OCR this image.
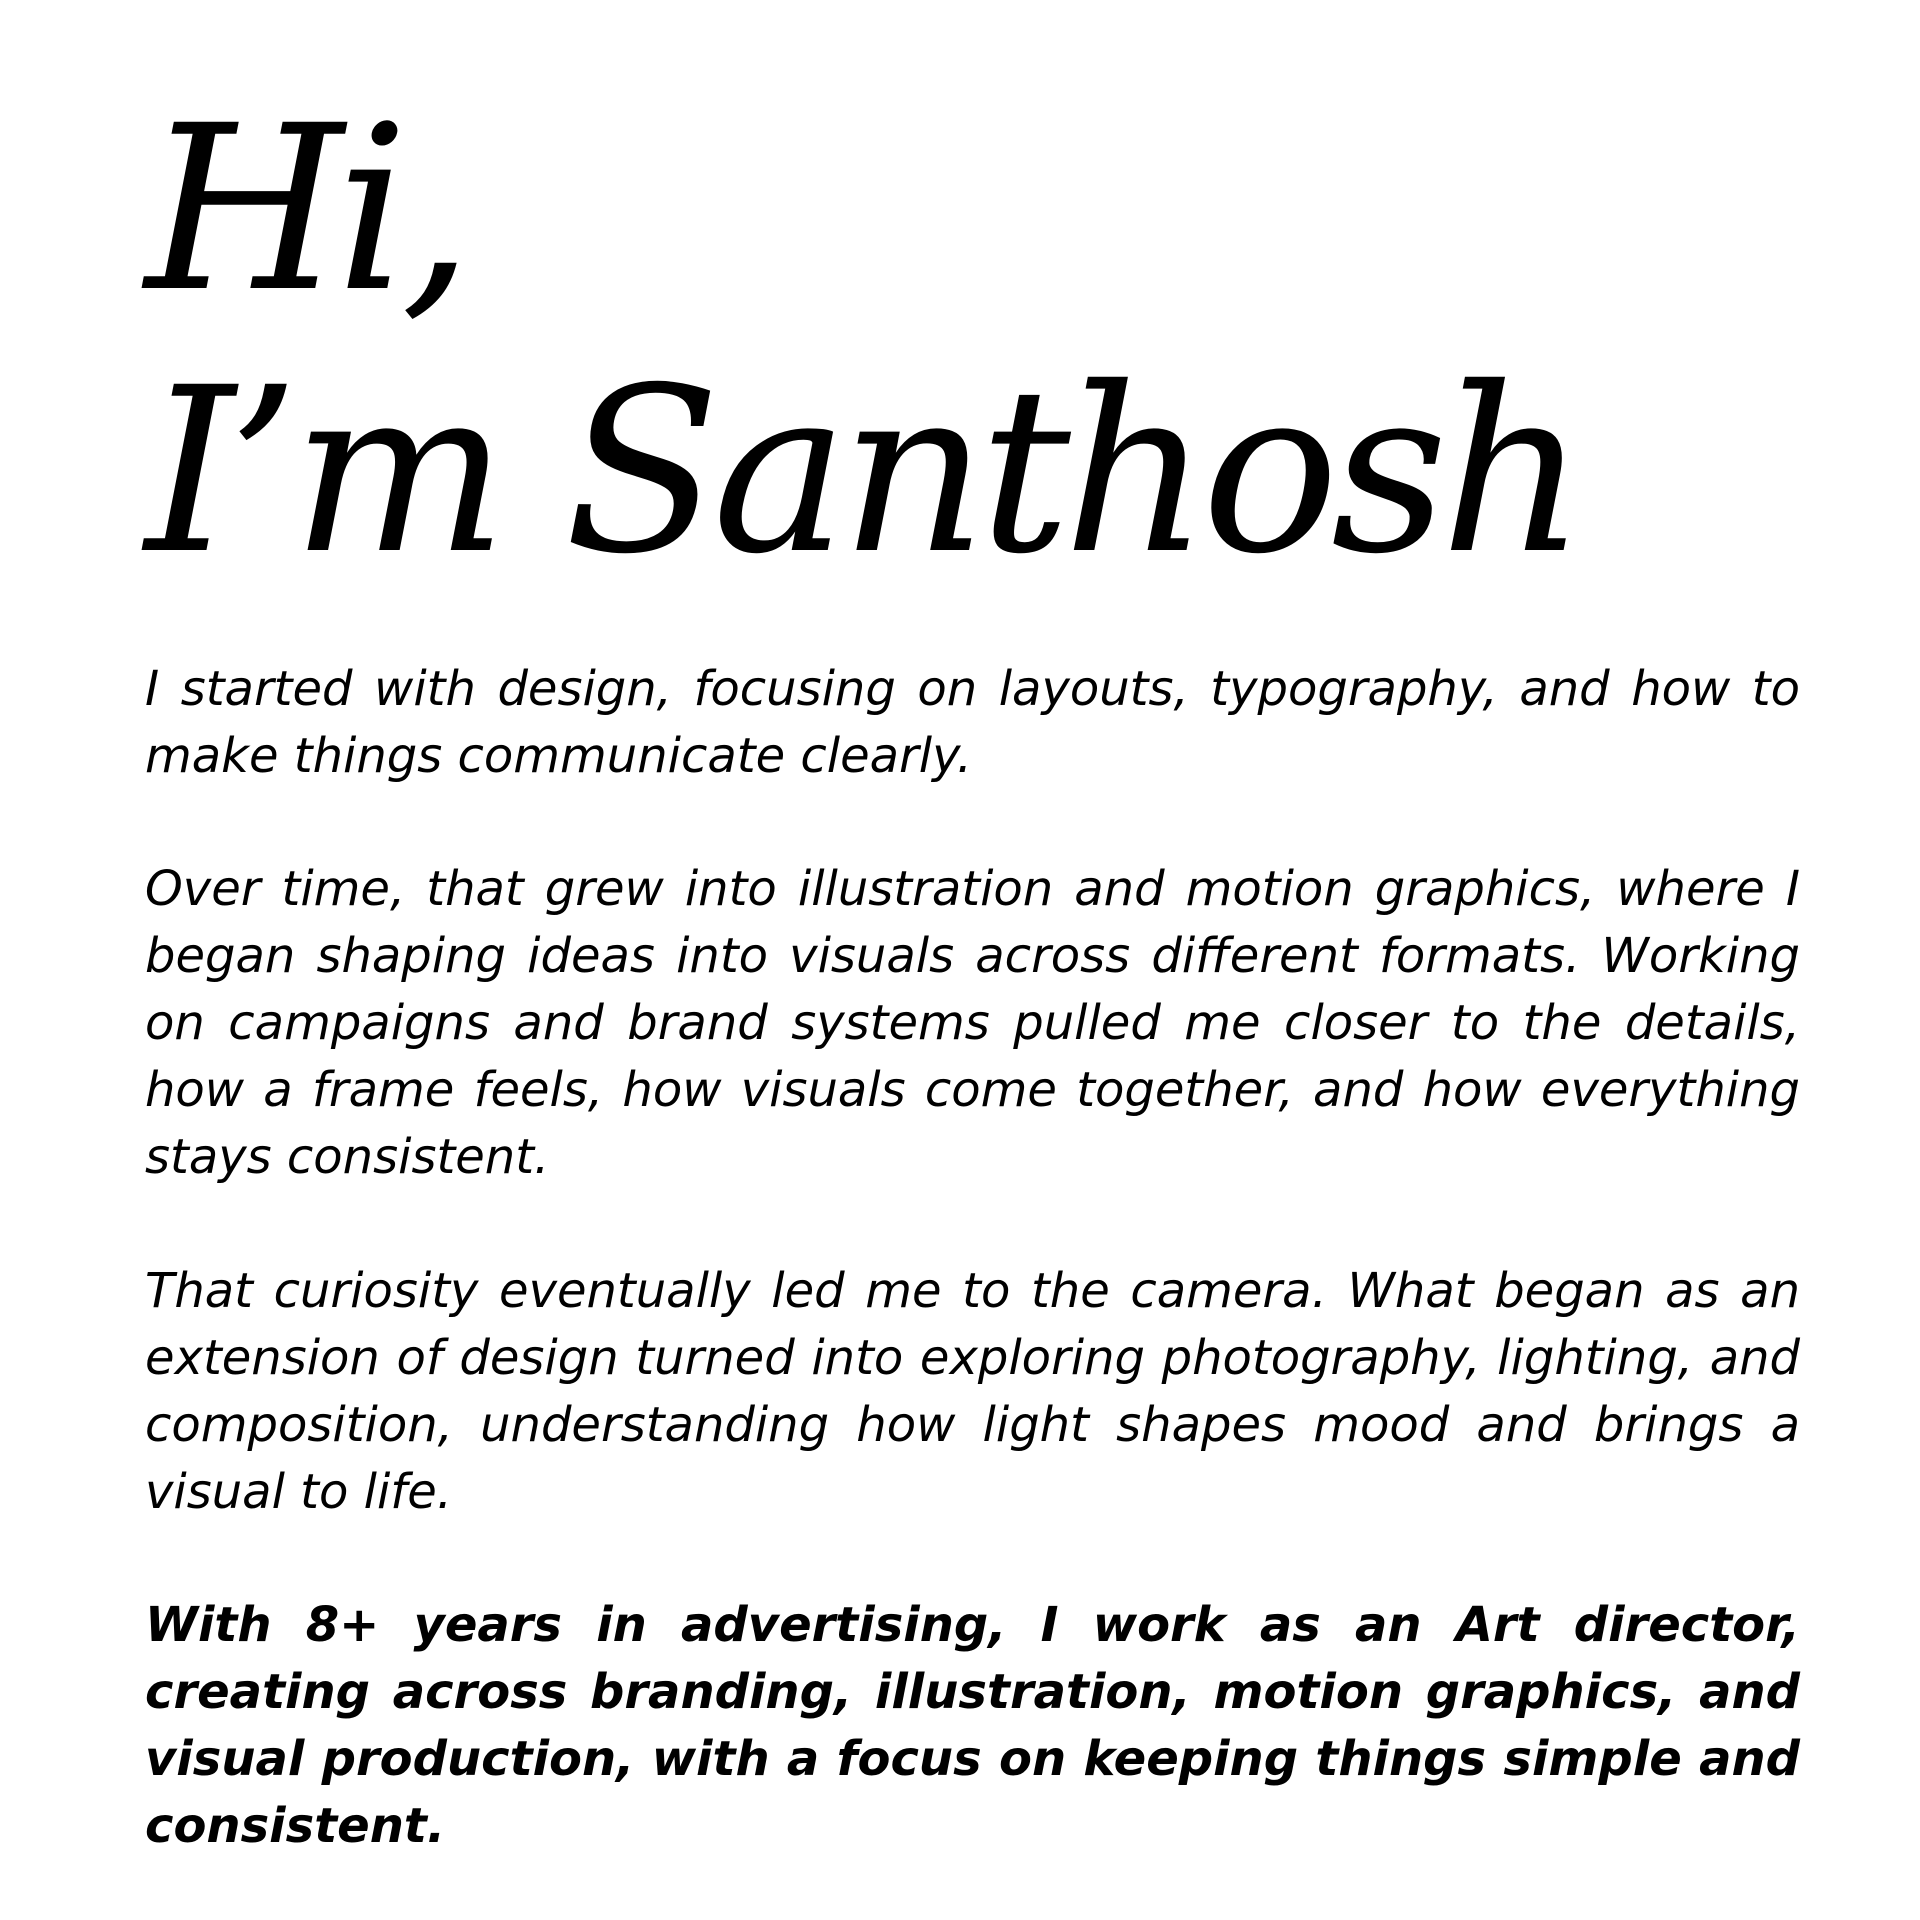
Hi,
I’m Santhosh

I started with design, focusing on layouts, typography, and how to make things communicate clearly.

Over time, that grew into illustration and motion graphics, where I began shaping ideas into visuals across different formats. Working on campaigns and brand systems pulled me closer to the details, how a frame feels, how visuals come together, and how everything stays consistent.

That curiosity eventually led me to the camera. What began as an extension of design turned into exploring photography, lighting, and composition, understanding how light shapes mood and brings a visual to life.

With 8+ years in advertising, I work as an Art director, creating across branding, illustration, motion graphics, and visual production, with a focus on keeping things simple and consistent.
